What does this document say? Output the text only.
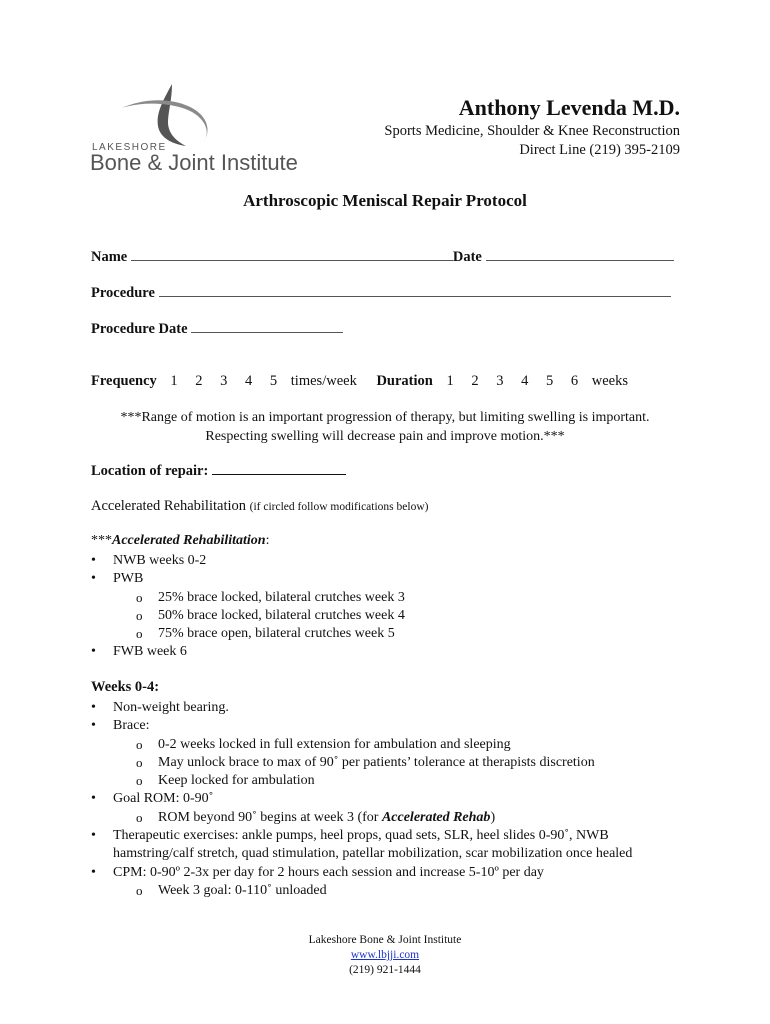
LAKESHORE
Bone & Joint Institute
Anthony Levenda M.D.
Sports Medicine, Shoulder & Knee Reconstruction
Direct Line (219) 395-2109
Arthroscopic Meniscal Repair Protocol
Name	Date
Procedure
Procedure Date
Frequency 1 2 3 4 5 times/week Duration 1 2 3 4 5 6 weeks
***Range of motion is an important progression of therapy, but limiting swelling is important.
Respecting swelling will decrease pain and improve motion.***
Location of repair:
Accelerated Rehabilitation (if circled follow modifications below)
***Accelerated Rehabilitation:
• NWB weeks 0-2
• PWB
o 25% brace locked, bilateral crutches week 3
o 50% brace locked, bilateral crutches week 4
o 75% brace open, bilateral crutches week 5
• FWB week 6
Weeks 0-4:
• Non-weight bearing.
• Brace:
o 0-2 weeks locked in full extension for ambulation and sleeping
o May unlock brace to max of 90˚ per patients’ tolerance at therapists discretion
o Keep locked for ambulation
• Goal ROM: 0-90˚
o ROM beyond 90˚ begins at week 3 (for Accelerated Rehab)
• Therapeutic exercises: ankle pumps, heel props, quad sets, SLR, heel slides 0-90˚, NWB
hamstring/calf stretch, quad stimulation, patellar mobilization, scar mobilization once healed
• CPM: 0-90º 2-3x per day for 2 hours each session and increase 5-10º per day
o Week 3 goal: 0-110˚ unloaded
Lakeshore Bone & Joint Institute
www.lbjji.com
(219) 921-1444
